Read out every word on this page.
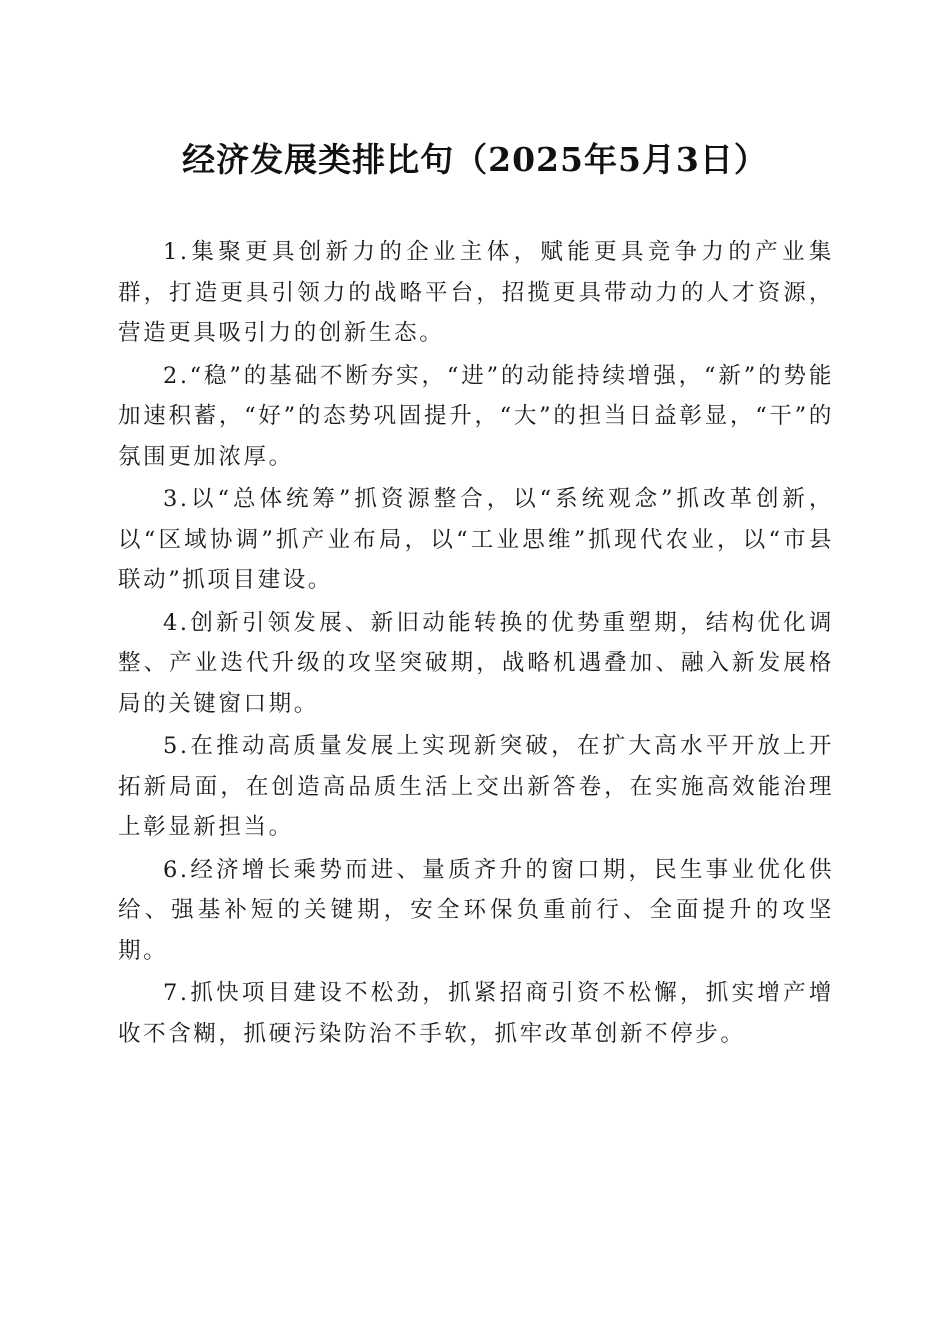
经济发展类排比句（2025年5月3日）

1.集聚更具创新力的企业主体，赋能更具竞争力的产业集群，打造更具引领力的战略平台，招揽更具带动力的人才资源，营造更具吸引力的创新生态。

2.“稳”的基础不断夯实，“进”的动能持续增强，“新”的势能加速积蓄，“好”的态势巩固提升，“大”的担当日益彰显，“干”的氛围更加浓厚。

3.以“总体统筹”抓资源整合，以“系统观念”抓改革创新，以“区域协调”抓产业布局，以“工业思维”抓现代农业，以“市县联动”抓项目建设。

4.创新引领发展、新旧动能转换的优势重塑期，结构优化调整、产业迭代升级的攻坚突破期，战略机遇叠加、融入新发展格局的关键窗口期。

5.在推动高质量发展上实现新突破，在扩大高水平开放上开拓新局面，在创造高品质生活上交出新答卷，在实施高效能治理上彰显新担当。

6.经济增长乘势而进、量质齐升的窗口期，民生事业优化供给、强基补短的关键期，安全环保负重前行、全面提升的攻坚期。

7.抓快项目建设不松劲，抓紧招商引资不松懈，抓实增产增收不含糊，抓硬污染防治不手软，抓牢改革创新不停步。
